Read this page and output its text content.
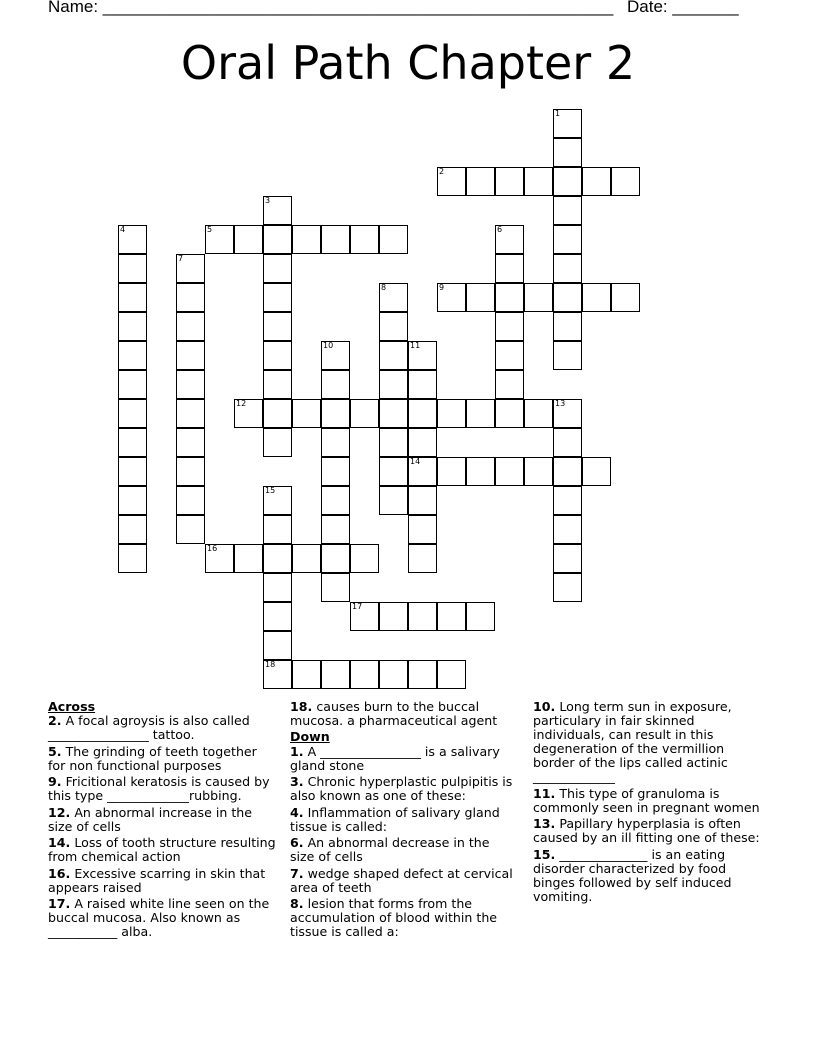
Name: ______________________________________________________ Date: _______
Oral Path Chapter 2
1
2
3
4	5	6
7
8	9
10	11
14
12	13
15
18
16
17
Across
2. A focal agroysis is also called ________________ tattoo.
5. The grinding of teeth together for non functional purposes
9. Fricitional keratosis is caused by this type _____________rubbing.
12. An abnormal increase in the size of cells
14. Loss of tooth structure resulting from chemical action
16. Excessive scarring in skin that appears raised
17. A raised white line seen on the buccal mucosa. Also known as ___________ alba.
18. causes burn to the buccal mucosa. a pharmaceutical agent
Down
1. A ________________ is a salivary gland stone
3. Chronic hyperplastic pulpipitis is also known as one of these:
4. Inflammation of salivary gland tissue is called:
6. An abnormal decrease in the size of cells
7. wedge shaped defect at cervical area of teeth
8. lesion that forms from the accumulation of blood within the tissue is called a:
10. Long term sun in exposure, particulary in fair skinned individuals, can result in this degeneration of the vermillion border of the lips called actinic _____________
11. This type of granuloma is commonly seen in pregnant women
13. Papillary hyperplasia is often caused by an ill fitting one of these:
15. ______________ is an eating disorder characterized by food binges followed by self induced vomiting.
